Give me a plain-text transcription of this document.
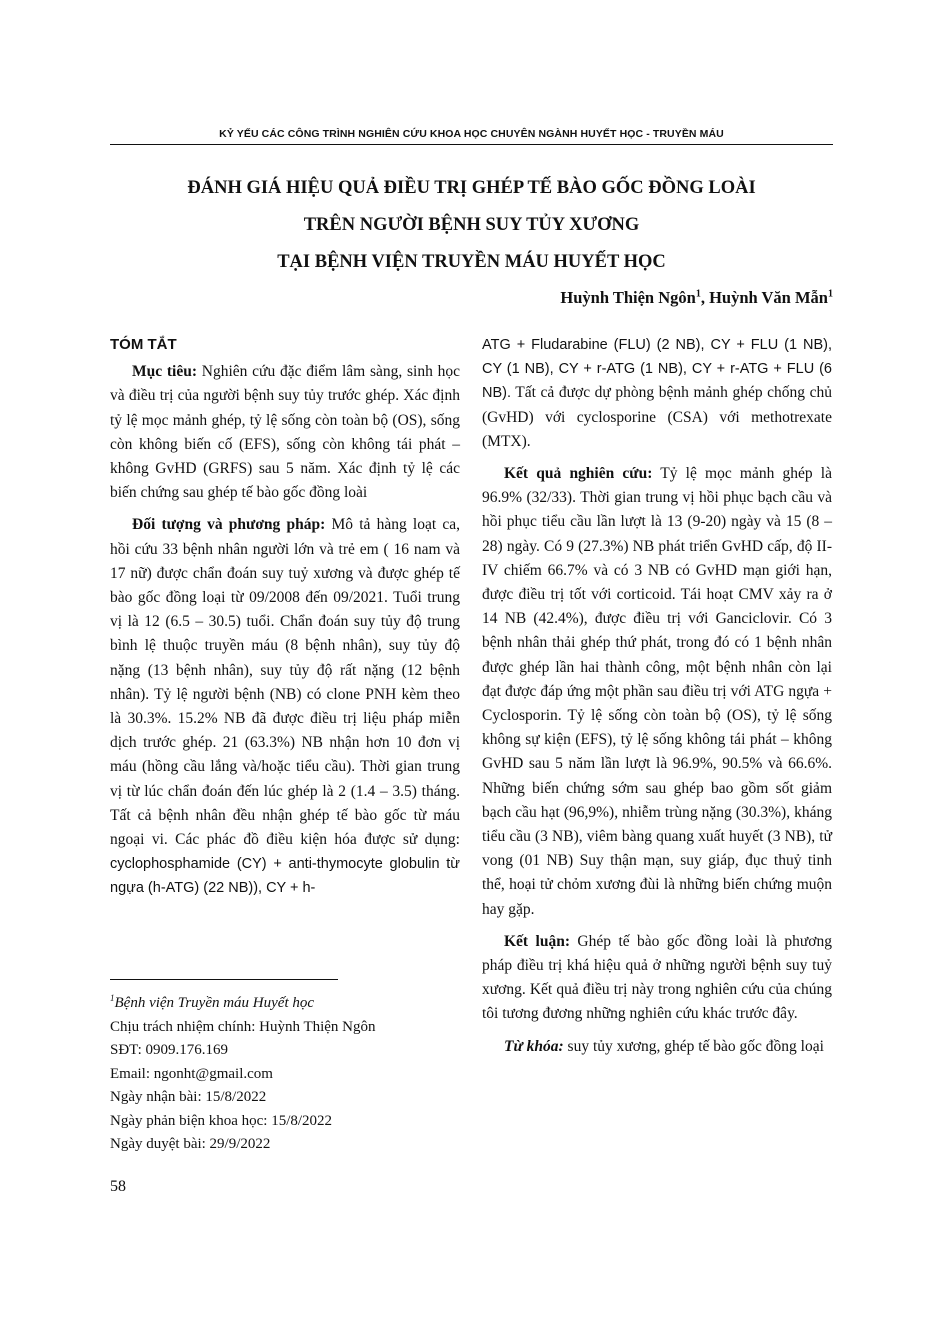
KỶ YẾU CÁC CÔNG TRÌNH NGHIÊN CỨU KHOA HỌC CHUYÊN NGÀNH HUYẾT HỌC - TRUYỀN MÁU
ĐÁNH GIÁ HIỆU QUẢ ĐIỀU TRỊ GHÉP TẾ BÀO GỐC ĐỒNG LOÀI
TRÊN NGƯỜI BỆNH SUY TỦY XƯƠNG
TẠI BỆNH VIỆN TRUYỀN MÁU HUYẾT HỌC
Huỳnh Thiện Ngôn$^1$, Huỳnh Văn Mẫn$^1$

TÓM TẮT

Mục tiêu: Nghiên cứu đặc điểm lâm sàng, sinh học và điều trị của người bệnh suy tủy trước ghép. Xác định tỷ lệ mọc mảnh ghép, tỷ lệ sống còn toàn bộ (OS), sống còn không biến cố (EFS), sống còn không tái phát – không GvHD (GRFS) sau 5 năm. Xác định tỷ lệ các biến chứng sau ghép tế bào gốc đồng loài

Đối tượng và phương pháp: Mô tả hàng loạt ca, hồi cứu 33 bệnh nhân người lớn và trẻ em ( 16 nam và 17 nữ) được chẩn đoán suy tuỷ xương và được ghép tế bào gốc đồng loại từ 09/2008 đến 09/2021. Tuổi trung vị là 12 (6.5 – 30.5) tuổi. Chẩn đoán suy tủy độ trung bình lệ thuộc truyền máu (8 bệnh nhân), suy tủy độ nặng (13 bệnh nhân), suy tủy độ rất nặng (12 bệnh nhân). Tỷ lệ người bệnh (NB) có clone PNH kèm theo là 30.3%. 15.2% NB đã được điều trị liệu pháp miễn dịch trước ghép. 21 (63.3%) NB nhận hơn 10 đơn vị máu (hồng cầu lắng và/hoặc tiểu cầu). Thời gian trung vị từ lúc chẩn đoán đến lúc ghép là 2 (1.4 – 3.5) tháng. Tất cả bệnh nhân đều nhận ghép tế bào gốc từ máu ngoại vi. Các phác đồ điều kiện hóa được sử dụng: cyclophosphamide (CY) + anti-thymocyte globulin từ ngựa (h-ATG) (22 NB)), CY + h-

$^1$Bệnh viện Truyền máu Huyết học
Chịu trách nhiệm chính: Huỳnh Thiện Ngôn
SĐT: 0909.176.169
Email: ngonht@gmail.com
Ngày nhận bài: 15/8/2022
Ngày phản biện khoa học: 15/8/2022
Ngày duyệt bài: 29/9/2022

ATG + Fludarabine (FLU) (2 NB), CY + FLU (1 NB), CY (1 NB), CY + r-ATG (1 NB), CY + r-ATG + FLU (6 NB). Tất cả được dự phòng bệnh mảnh ghép chống chủ (GvHD) với cyclosporine (CSA) với methotrexate (MTX).

Kết quả nghiên cứu: Tỷ lệ mọc mảnh ghép là 96.9% (32/33). Thời gian trung vị hồi phục bạch cầu và hồi phục tiểu cầu lần lượt là 13 (9-20) ngày và 15 (8 – 28) ngày. Có 9 (27.3%) NB phát triển GvHD cấp, độ II-IV chiếm 66.7% và có 3 NB có GvHD mạn giới hạn, được điều trị tốt với corticoid. Tái hoạt CMV xảy ra ở 14 NB (42.4%), được điều trị với Ganciclovir. Có 3 bệnh nhân thải ghép thứ phát, trong đó có 1 bệnh nhân được ghép lần hai thành công, một bệnh nhân còn lại đạt được đáp ứng một phần sau điều trị với ATG ngựa + Cyclosporin. Tỷ lệ sống còn toàn bộ (OS), tỷ lệ sống không sự kiện (EFS), tỷ lệ sống không tái phát – không GvHD sau 5 năm lần lượt là 96.9%, 90.5% và 66.6%. Những biến chứng sớm sau ghép bao gồm sốt giảm bạch cầu hạt (96,9%), nhiễm trùng nặng (30.3%), kháng tiểu cầu (3 NB), viêm bàng quang xuất huyết (3 NB), tử vong (01 NB) Suy thận mạn, suy giáp, đục thuỷ tinh thể, hoại tử chỏm xương đùi là những biến chứng muộn hay gặp.

Kết luận: Ghép tế bào gốc đồng loài là phương pháp điều trị khá hiệu quả ở những người bệnh suy tuỷ xương. Kết quả điều trị này trong nghiên cứu của chúng tôi tương đương những nghiên cứu khác trước đây.

Từ khóa: suy tủy xương, ghép tế bào gốc đồng loại

58
